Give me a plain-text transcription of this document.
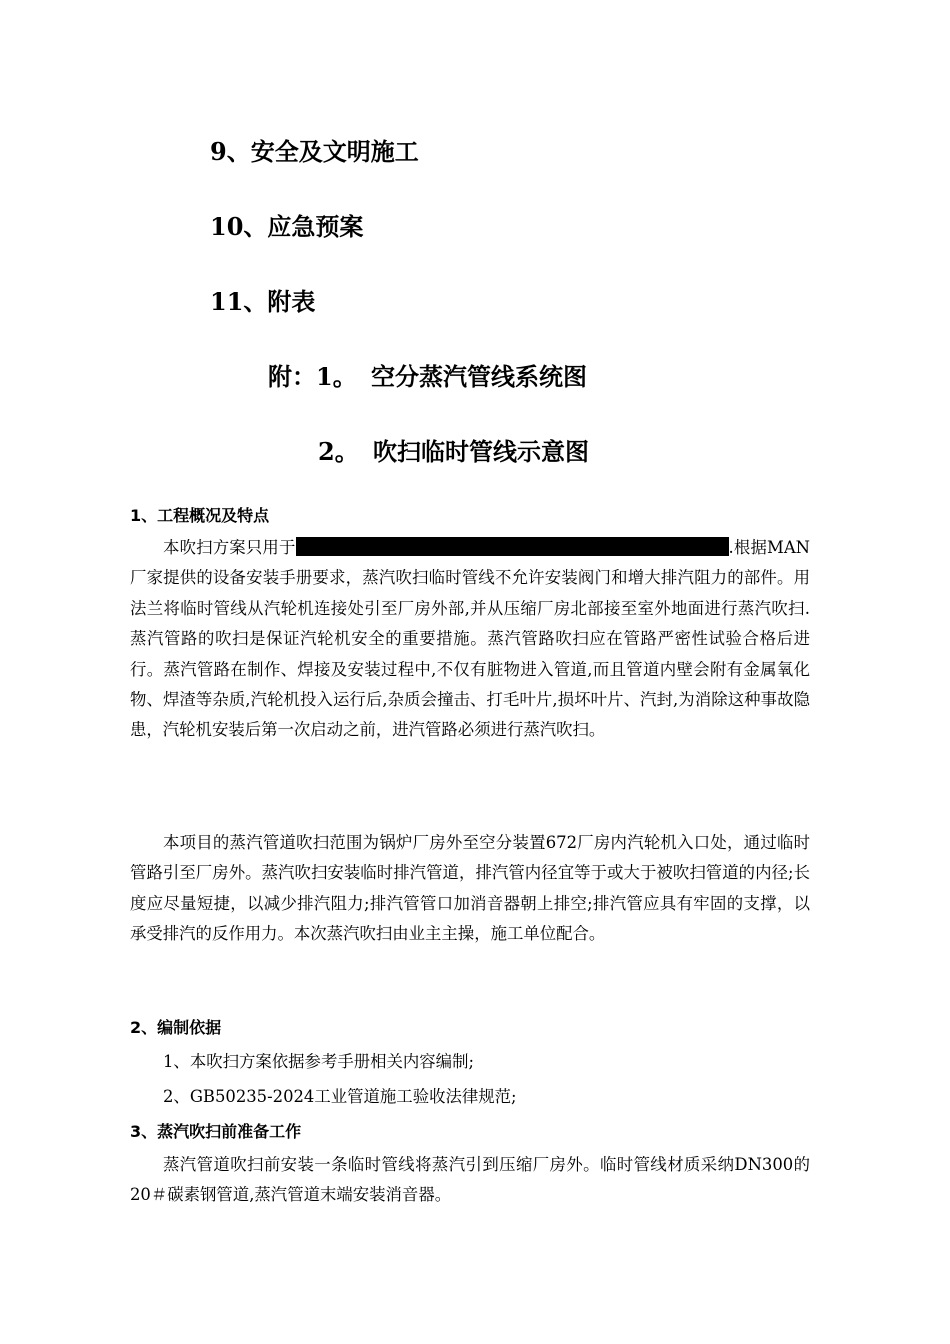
9、安全及文明施工
10、应急预案
11、附表
附：1。 空分蒸汽管线系统图
2。 吹扫临时管线示意图
1、工程概况及特点

本吹扫方案只用于	.根据MAN厂家提供的设备安装手册要求，蒸汽吹扫临时管线不允许安装阀门和增大排汽阻力的部件。用法兰将临时管线从汽轮机连接处引至厂房外部,并从压缩厂房北部接至室外地面进行蒸汽吹扫.蒸汽管路的吹扫是保证汽轮机安全的重要措施。蒸汽管路吹扫应在管路严密性试验合格后进行。蒸汽管路在制作、焊接及安装过程中,不仅有脏物进入管道,而且管道内壁会附有金属氧化物、焊渣等杂质,汽轮机投入运行后,杂质会撞击、打毛叶片,损坏叶片、汽封,为消除这种事故隐患，汽轮机安装后第一次启动之前，进汽管路必须进行蒸汽吹扫。

本项目的蒸汽管道吹扫范围为锅炉厂房外至空分装置672厂房内汽轮机入口处，通过临时管路引至厂房外。蒸汽吹扫安装临时排汽管道，排汽管内径宜等于或大于被吹扫管道的内径;长度应尽量短捷，以减少排汽阻力;排汽管管口加消音器朝上排空;排汽管应具有牢固的支撑，以承受排汽的反作用力。本次蒸汽吹扫由业主主操，施工单位配合。

2、编制依据
1、本吹扫方案依据参考手册相关内容编制;
2、GB50235-2024工业管道施工验收法律规范;
3、蒸汽吹扫前准备工作

蒸汽管道吹扫前安装一条临时管线将蒸汽引到压缩厂房外。临时管线材质采纳DN300的20＃碳素钢管道,蒸汽管道末端安装消音器。
